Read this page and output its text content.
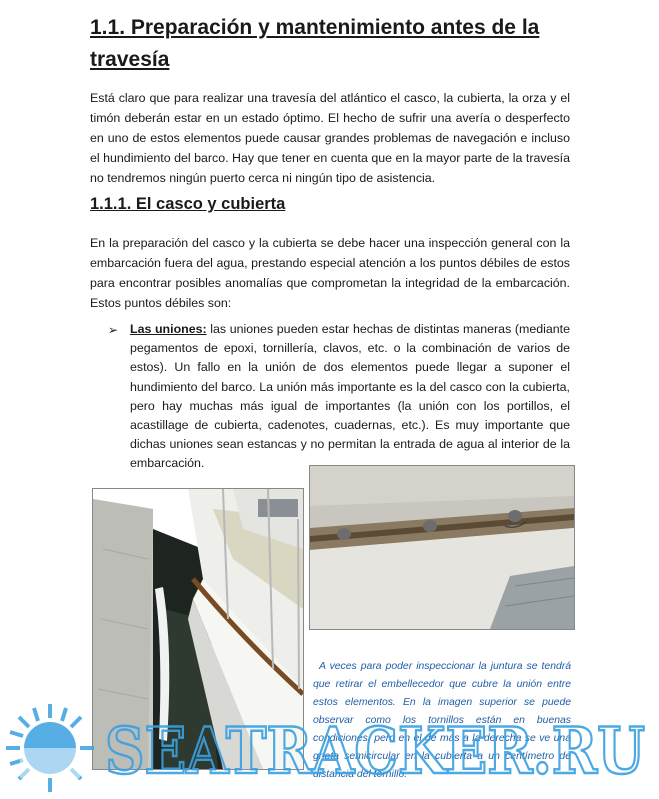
1.1. Preparación y mantenimiento antes de la travesía

Está claro que para realizar una travesía del atlántico el casco, la cubierta, la orza y el timón deberán estar en un estado óptimo. El hecho de sufrir una avería o desperfecto en uno de estos elementos puede causar grandes problemas de navegación e incluso el hundimiento del barco. Hay que tener en cuenta que en la mayor parte de la travesía no tendremos ningún puerto cerca ni ningún tipo de asistencia.

1.1.1. El casco y cubierta

En la preparación del casco y la cubierta se debe hacer una inspección general con la embarcación fuera del agua, prestando especial atención a los puntos débiles de estos para encontrar posibles anomalías que comprometan la integridad de la embarcación. Estos puntos débiles son:

➢ Las uniones: las uniones pueden estar hechas de distintas maneras (mediante pegamentos de epoxi, tornillería, clavos, etc. o la combinación de varios de estos). Un fallo en la unión de dos elementos puede llegar a suponer el hundimiento del barco. La unión más importante es la del casco con la cubierta, pero hay muchas más igual de importantes (la unión con los portillos, el acastillage de cubierta, cadenotes, cuadernas, etc.). Es muy importante que dichas uniones sean estancas y no permitan la entrada de agua al interior de la embarcación.

A veces para poder inspeccionar la juntura se tendrá que retirar el embellecedor que cubre la unión entre estos elementos. En la imagen superior se puede observar como los tornillos están en buenas condiciones, pero en el de más a la derecha se ve una grieta semicircular en la cubierta a un centímetro de distancia del tornillo.

SEATRACKER.RU
